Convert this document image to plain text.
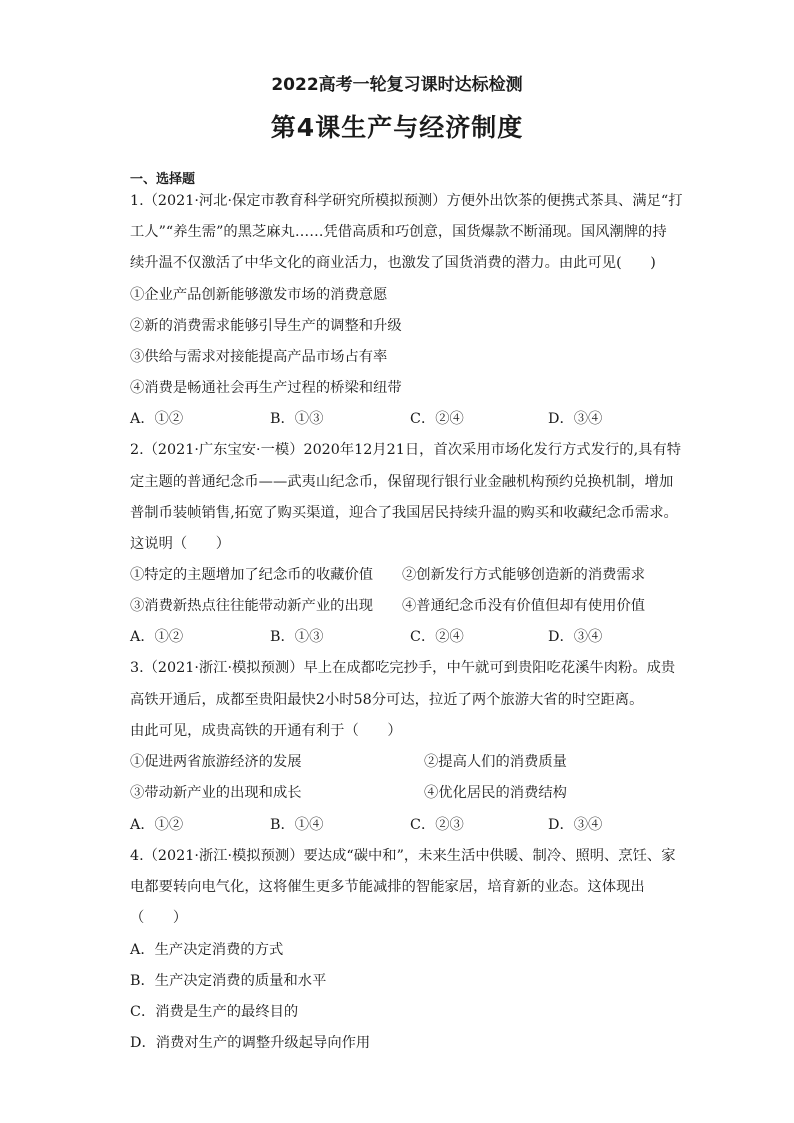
2022高考一轮复习课时达标检测
第4课生产与经济制度
一、选择题
1.（2021·河北·保定市教育科学研究所模拟预测）方便外出饮茶的便携式茶具、满足“打
工人”“养生需”的黑芝麻丸……凭借高质和巧创意，国货爆款不断涌现。国风潮牌的持
续升温不仅激活了中华文化的商业活力，也激发了国货消费的潜力。由此可见(　　)
①企业产品创新能够激发市场的消费意愿
②新的消费需求能够引导生产的调整和升级
③供给与需求对接能提高产品市场占有率
④消费是畅通社会再生产过程的桥梁和纽带
A．①②	B．①③	C．②④	D．③④
2.（2021·广东宝安·一模）2020年12月21日，首次采用市场化发行方式发行的,具有特
定主题的普通纪念币——武夷山纪念币，保留现行银行业金融机构预约兑换机制，增加
普制币装帧销售,拓宽了购买渠道，迎合了我国居民持续升温的购买和收藏纪念币需求。
这说明（　　）
①特定的主题增加了纪念币的收藏价值 ②创新发行方式能够创造新的消费需求
③消费新热点往往能带动新产业的出现 ④普通纪念币没有价值但却有使用价值
A．①②	B．①③	C．②④	D．③④
3.（2021·浙江·模拟预测）早上在成都吃完抄手，中午就可到贵阳吃花溪牛肉粉。成贵
高铁开通后，成都至贵阳最快2小时58分可达，拉近了两个旅游大省的时空距离。
由此可见，成贵高铁的开通有利于（　　）
①促进两省旅游经济的发展	②提高人们的消费质量
③带动新产业的出现和成长	④优化居民的消费结构
A．①②	B．①④	C．②③	D．③④
4.（2021·浙江·模拟预测）要达成“碳中和”，未来生活中供暖、制冷、照明、烹饪、家
电都要转向电气化，这将催生更多节能减排的智能家居，培育新的业态。这体现出
（　　）
A．生产决定消费的方式
B．生产决定消费的质量和水平
C．消费是生产的最终目的
D．消费对生产的调整升级起导向作用
